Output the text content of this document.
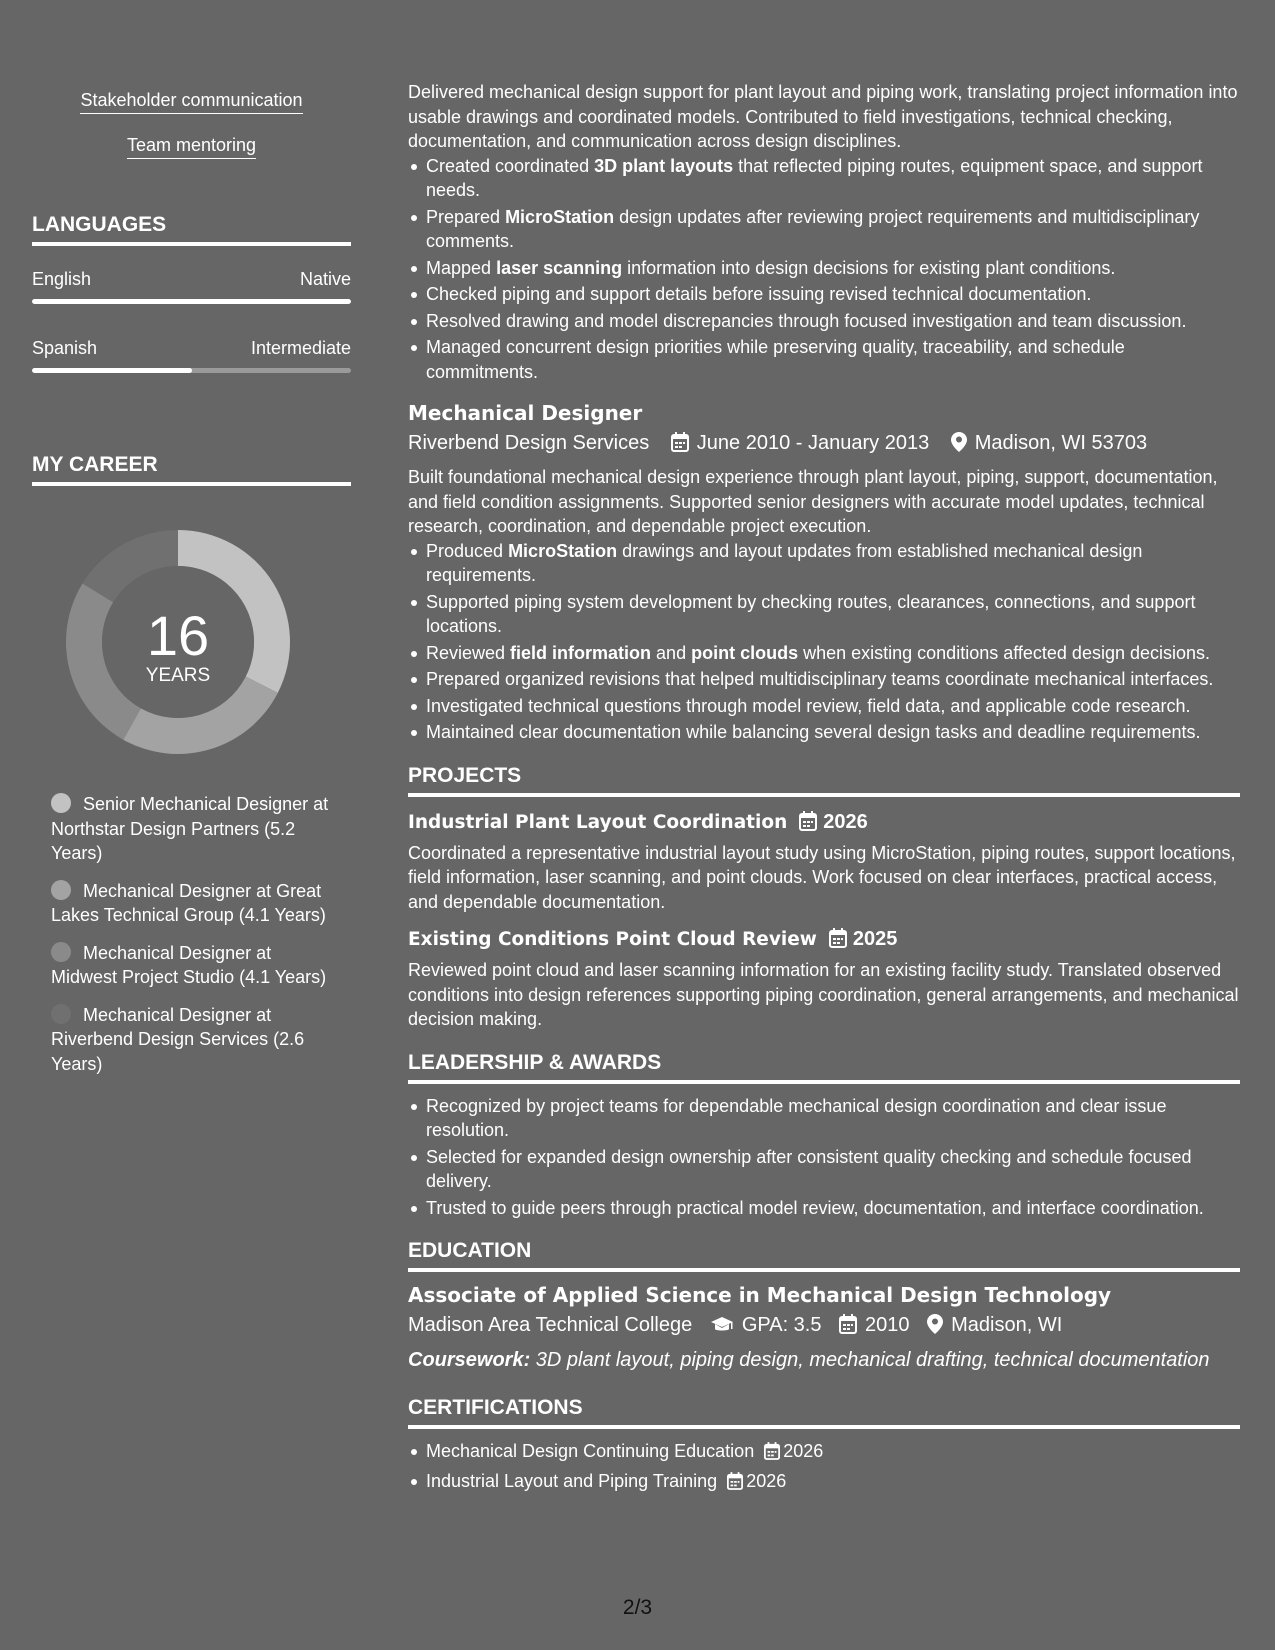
Stakeholder communication
Team mentoring
LANGUAGES
English	Native
Spanish	Intermediate
MY CAREER
16
YEARS
Senior Mechanical Designer at Northstar Design Partners (5.2 Years)
Mechanical Designer at Great Lakes Technical Group (4.1 Years)
Mechanical Designer at Midwest Project Studio (4.1 Years)
Mechanical Designer at Riverbend Design Services (2.6 Years)

Delivered mechanical design support for plant layout and piping work, translating project information into usable drawings and coordinated models. Contributed to field investigations, technical checking, documentation, and communication across design disciplines.

Created coordinated 3D plant layouts that reflected piping routes, equipment space, and support needs.
Prepared MicroStation design updates after reviewing project requirements and multidisciplinary comments.
Mapped laser scanning information into design decisions for existing plant conditions.
Checked piping and support details before issuing revised technical documentation.
Resolved drawing and model discrepancies through focused investigation and team discussion.
Managed concurrent design priorities while preserving quality, traceability, and schedule commitments.
Mechanical Designer
Riverbend Design Services June 2010 - January 2013 Madison, WI 53703

Built foundational mechanical design experience through plant layout, piping, support, documentation, and field condition assignments. Supported senior designers with accurate model updates, technical research, coordination, and dependable project execution.

Produced MicroStation drawings and layout updates from established mechanical design requirements.
Supported piping system development by checking routes, clearances, connections, and support locations.
Reviewed field information and point clouds when existing conditions affected design decisions.
Prepared organized revisions that helped multidisciplinary teams coordinate mechanical interfaces.
Investigated technical questions through model review, field data, and applicable code research.
Maintained clear documentation while balancing several design tasks and deadline requirements.
PROJECTS
Industrial Plant Layout Coordination 2026

Coordinated a representative industrial layout study using MicroStation, piping routes, support locations, field information, laser scanning, and point clouds. Work focused on clear interfaces, practical access, and dependable documentation.

Existing Conditions Point Cloud Review 2025

Reviewed point cloud and laser scanning information for an existing facility study. Translated observed conditions into design references supporting piping coordination, general arrangements, and mechanical decision making.

LEADERSHIP & AWARDS
Recognized by project teams for dependable mechanical design coordination and clear issue resolution.
Selected for expanded design ownership after consistent quality checking and schedule focused delivery.
Trusted to guide peers through practical model review, documentation, and interface coordination.
EDUCATION
Associate of Applied Science in Mechanical Design Technology
Madison Area Technical College GPA: 3.5 2010 Madison, WI
Coursework: 3D plant layout, piping design, mechanical drafting, technical documentation
CERTIFICATIONS
Mechanical Design Continuing Education 2026
Industrial Layout and Piping Training 2026
2/3
